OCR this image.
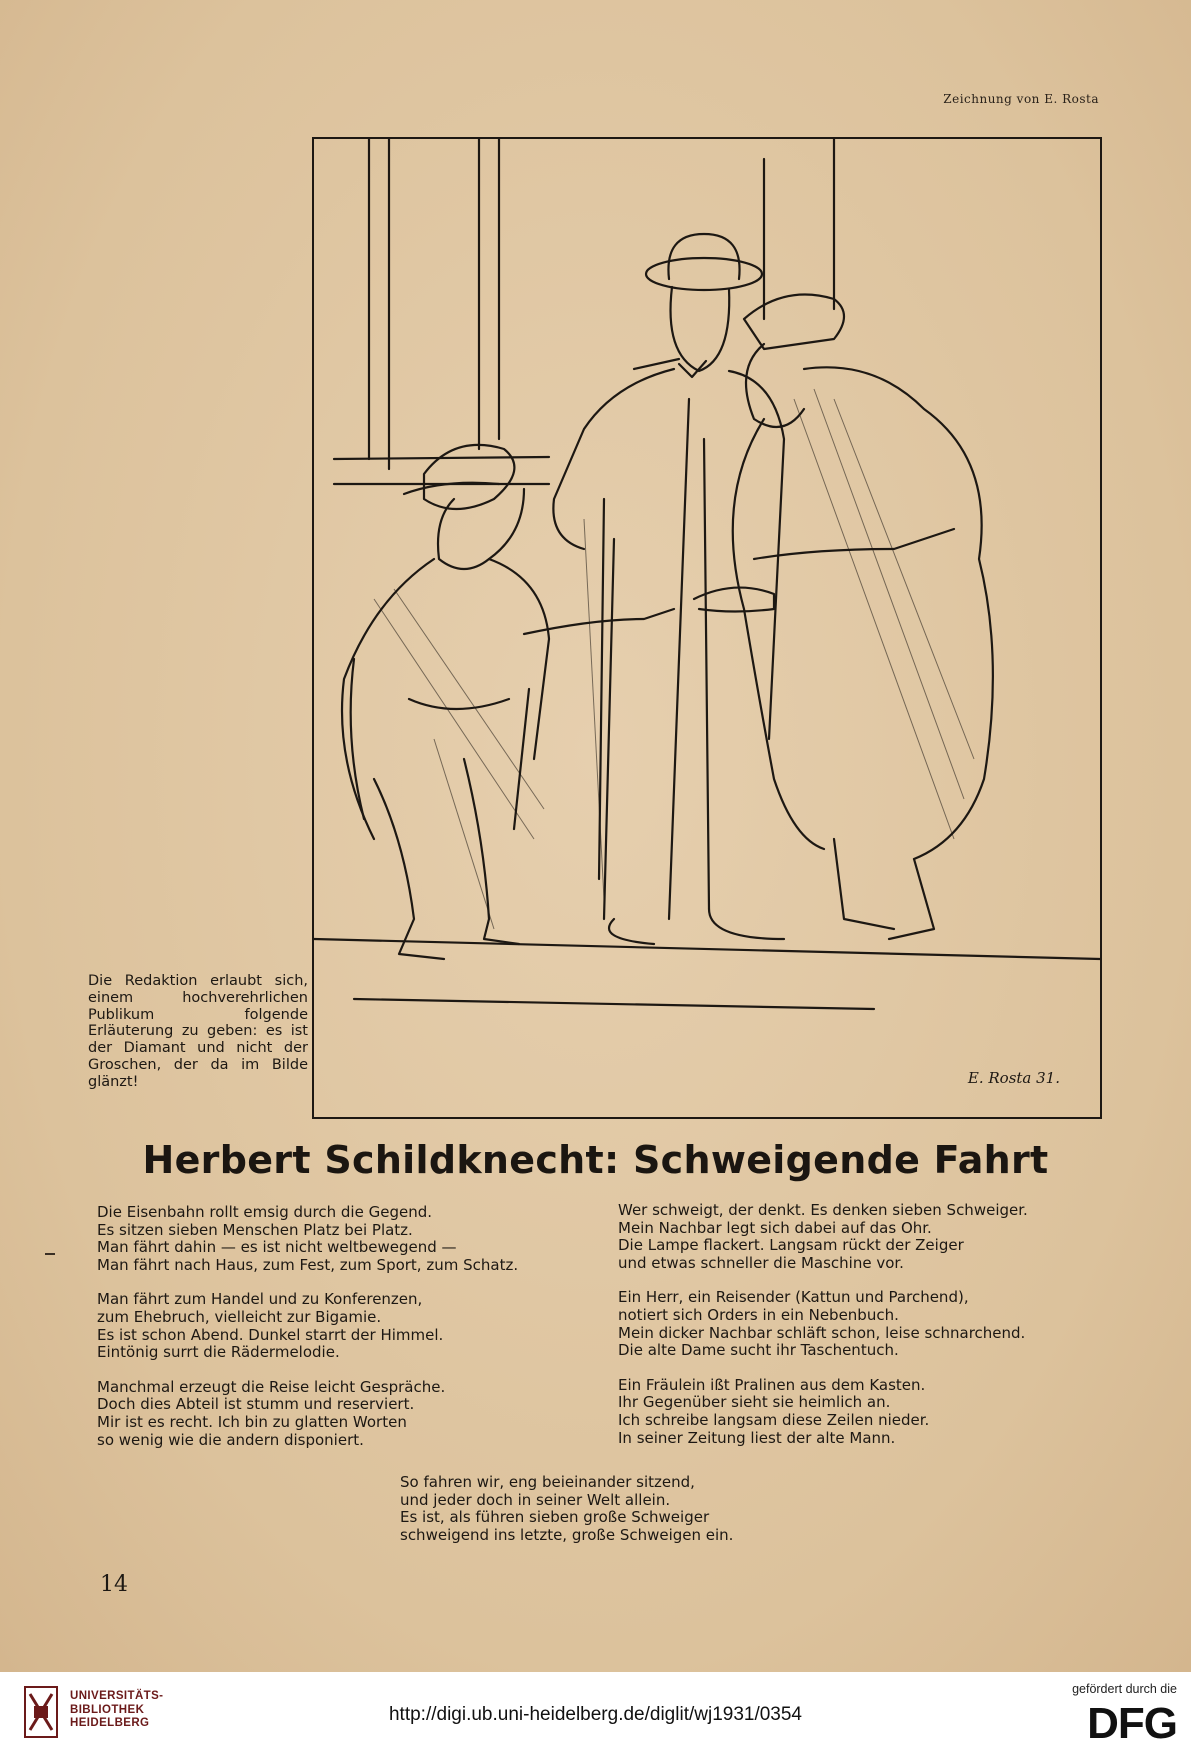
Zeichnung von E. Rosta
E. Rosta 31.
Die Redaktion erlaubt sich, einem hochverehrlichen Publikum folgende Erläuterung zu geben: es ist der Diamant und nicht der Groschen, der da im Bilde glänzt!
Herbert Schildknecht: Schweigende Fahrt
Die Eisenbahn rollt emsig durch die Gegend.
Es sitzen sieben Menschen Platz bei Platz.
Man fährt dahin — es ist nicht weltbewegend —
Man fährt nach Haus, zum Fest, zum Sport, zum Schatz.
Man fährt zum Handel und zu Konferenzen,
zum Ehebruch, vielleicht zur Bigamie.
Es ist schon Abend. Dunkel starrt der Himmel.
Eintönig surrt die Rädermelodie.
Manchmal erzeugt die Reise leicht Gespräche.
Doch dies Abteil ist stumm und reserviert.
Mir ist es recht. Ich bin zu glatten Worten
so wenig wie die andern disponiert.
Wer schweigt, der denkt. Es denken sieben Schweiger.
Mein Nachbar legt sich dabei auf das Ohr.
Die Lampe flackert. Langsam rückt der Zeiger
und etwas schneller die Maschine vor.
Ein Herr, ein Reisender (Kattun und Parchend),
notiert sich Orders in ein Nebenbuch.
Mein dicker Nachbar schläft schon, leise schnarchend.
Die alte Dame sucht ihr Taschentuch.
Ein Fräulein ißt Pralinen aus dem Kasten.
Ihr Gegenüber sieht sie heimlich an.
Ich schreibe langsam diese Zeilen nieder.
In seiner Zeitung liest der alte Mann.
So fahren wir, eng beieinander sitzend,
und jeder doch in seiner Welt allein.
Es ist, als führen sieben große Schweiger
schweigend ins letzte, große Schweigen ein.
14
UNIVERSITÄTS-
BIBLIOTHEK
HEIDELBERG	http://digi.ub.uni-heidelberg.de/diglit/wj1931/0354
gefördert durch die
DFG
